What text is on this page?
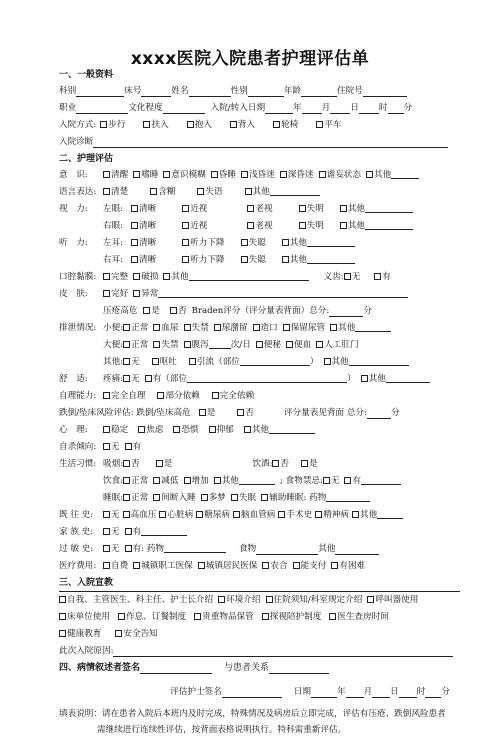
xxxx医院入院患者护理评估单
一、一般资料
科别	床号	姓名	性别	年龄	住院号
职业	文化程度	入院/转入日期	年 月 日 时 分
入院方式:	步行	扶入	抱入	背入	轮椅	平车
入院诊断
二、护理评估
意　识:	清醒	嗜睡	意识模糊	昏睡	浅昏迷	深昏迷	谵妄状态	其他
语言表达:	清楚	含糊	失语	其他
视　力:	左眼:	清晰	近视	老视	失明	其他
右眼:	清晰	近视	老视	失明	其他
听　力:	左耳:	清晰	听力下降	失聪	其他
右耳:	清晰	听力下降	失聪	其他
口腔黏膜:	完整	破损	其他	义齿: 无	有
皮　肤:	完好	异常
压疮高危	是	否 Braden评分（评分量表背面）总分:	分
排泄情况: 小便: 正常	血尿	失禁	尿潴留	造口	保留尿管	其他
大便: 正常	失禁	腹泻	次/日	便秘	便血	人工肛门
其他: 无	呕吐	引流（部位	）	其他
舒　适:	疼痛: 无	有（部位	）	其他
自理能力:	完全自理	部分依赖	完全依赖
跌倒/坠床风险评估: 跌倒/坠床高危	是	否	评分量表见背面 总分:	分
心　理:	稳定	焦虑	恐惧	抑郁	其他
自杀倾向:	无	有
生活习惯: 吸烟: 否	是	饮酒: 否	是
饮食: 正常	减低	增加	其他	; 食物禁忌: 无	有
睡眠: 正常	间断入睡	多梦	失眠	辅助睡眠: 药物
既 往 史:	无	高血压	心脏病	糖尿病	脑血管病	手术史	精神病	其他
家 族 史:	无	有
过 敏 史:	无	有: 药物	食物	其他
医疗费用:	自费	城镇职工医保	城镇居民医保	农合	能支付	有困难
三、入院宣教
自我、主管医生、科主任、护士长介绍	环境介绍	住院须知/科室规定介绍	呼叫器使用
床单位使用	作息、订餐制度	贵重物品保管	探视陪护制度	医生查房时间
健康教育	安全告知
此次入院原因:
四、病情叙述者签名	与患者关系
评估护士签名	日期	年 月 日 时 分
填表说明：请在患者入院后本班内及时完成，特殊情况及病房后立即完成，评估有压疮、跌倒风险患者
需继续进行连续性评估，按背面表格说明执行。特科需重新评估。
